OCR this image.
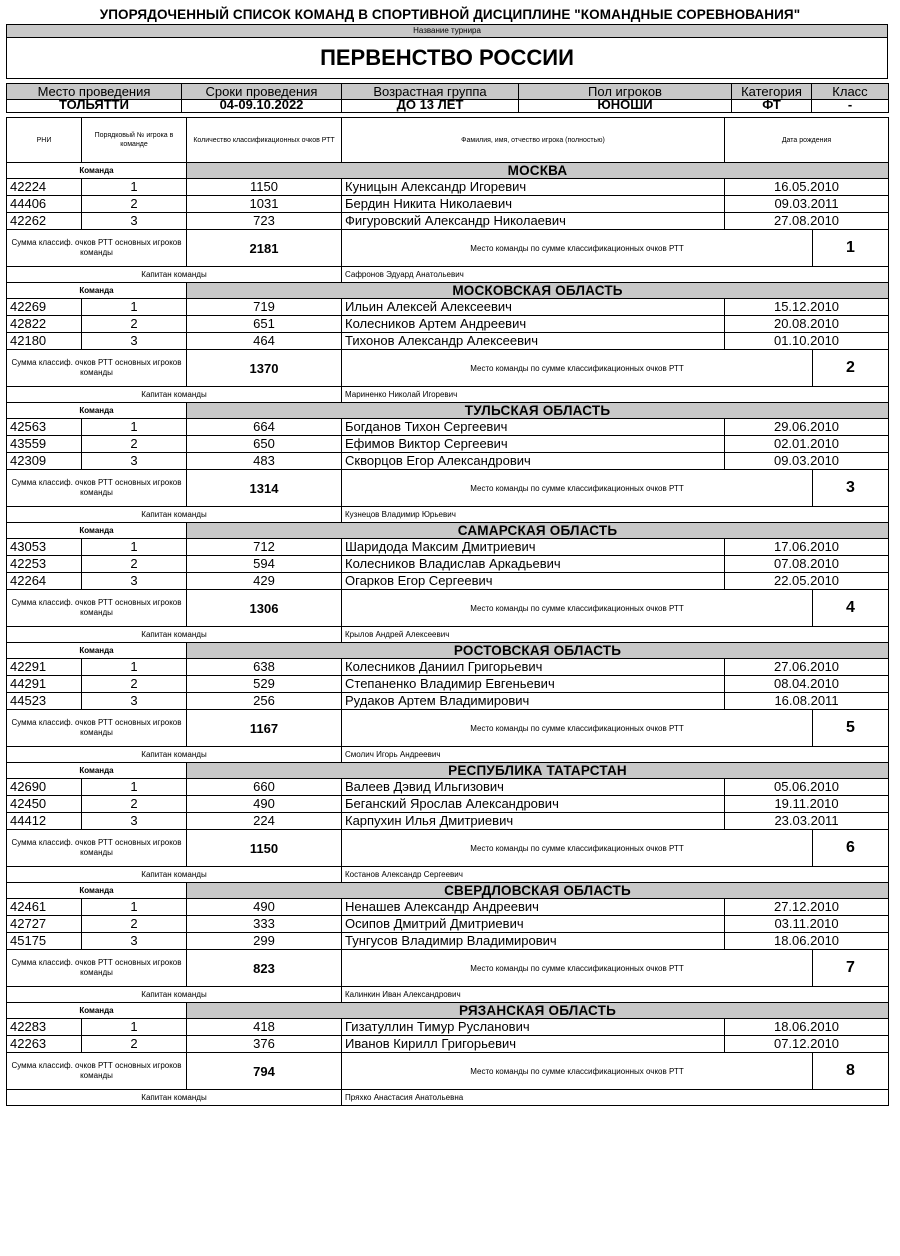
УПОРЯДОЧЕННЫЙ СПИСОК КОМАНД В СПОРТИВНОЙ ДИСЦИПЛИНЕ "КОМАНДНЫЕ СОРЕВНОВАНИЯ"
Название турнира
ПЕРВЕНСТВО РОССИИ
Место проведения	Сроки проведения	Возрастная группа	Пол игроков	Категория	Класс
ТОЛЬЯТТИ	04-09.10.2022	ДО 13 ЛЕТ	ЮНОШИ	ФТ	-
РНИ	Порядковый № игрока в команде	Количество классификационных очков РТТ	Фамилия, имя, отчество игрока (полностью)	Дата рождения	
Команда		МОСКВА			
42224	1	1150	Куницын Александр Игоревич	16.05.2010	
44406	2	1031	Бердин Никита Николаевич	09.03.2011	
42262	3	723	Фигуровский Александр Николаевич	27.08.2010	
Сумма классиф. очков РТТ основных игроков команды		2181	Место команды по сумме классификационных очков РТТ		1
Капитан команды			Сафронов Эдуард Анатольевич		
Команда		МОСКОВСКАЯ ОБЛАСТЬ			
42269	1	719	Ильин Алексей Алексеевич	15.12.2010	
42822	2	651	Колесников Артем Андреевич	20.08.2010	
42180	3	464	Тихонов Александр Алексеевич	01.10.2010	
Сумма классиф. очков РТТ основных игроков команды		1370	Место команды по сумме классификационных очков РТТ		2
Капитан команды			Мариненко Николай Игоревич		
Команда		ТУЛЬСКАЯ ОБЛАСТЬ			
42563	1	664	Богданов Тихон Сергеевич	29.06.2010	
43559	2	650	Ефимов Виктор Сергеевич	02.01.2010	
42309	3	483	Скворцов Егор Александрович	09.03.2010	
Сумма классиф. очков РТТ основных игроков команды		1314	Место команды по сумме классификационных очков РТТ		3
Капитан команды			Кузнецов Владимир Юрьевич		
Команда		САМАРСКАЯ ОБЛАСТЬ			
43053	1	712	Шаридода Максим Дмитриевич	17.06.2010	
42253	2	594	Колесников Владислав Аркадьевич	07.08.2010	
42264	3	429	Огарков Егор Сергеевич	22.05.2010	
Сумма классиф. очков РТТ основных игроков команды		1306	Место команды по сумме классификационных очков РТТ		4
Капитан команды			Крылов Андрей Алексеевич		
Команда		РОСТОВСКАЯ ОБЛАСТЬ			
42291	1	638	Колесников Даниил Григорьевич	27.06.2010	
44291	2	529	Степаненко Владимир Евгеньевич	08.04.2010	
44523	3	256	Рудаков Артем Владимирович	16.08.2011	
Сумма классиф. очков РТТ основных игроков команды		1167	Место команды по сумме классификационных очков РТТ		5
Капитан команды			Смолич Игорь Андреевич		
Команда		РЕСПУБЛИКА ТАТАРСТАН			
42690	1	660	Валеев Дэвид Ильгизович	05.06.2010	
42450	2	490	Беганский Ярослав Александрович	19.11.2010	
44412	3	224	Карпухин Илья Дмитриевич	23.03.2011	
Сумма классиф. очков РТТ основных игроков команды		1150	Место команды по сумме классификационных очков РТТ		6
Капитан команды			Костанов Александр Сергеевич		
Команда		СВЕРДЛОВСКАЯ ОБЛАСТЬ			
42461	1	490	Ненашев Александр Андреевич	27.12.2010	
42727	2	333	Осипов Дмитрий Дмитриевич	03.11.2010	
45175	3	299	Тунгусов Владимир Владимирович	18.06.2010	
Сумма классиф. очков РТТ основных игроков команды		823	Место команды по сумме классификационных очков РТТ		7
Капитан команды			Калинкин Иван Александрович		
Команда		РЯЗАНСКАЯ ОБЛАСТЬ			
42283	1	418	Гизатуллин Тимур Русланович	18.06.2010	
42263	2	376	Иванов Кирилл Григорьевич	07.12.2010	
Сумма классиф. очков РТТ основных игроков команды		794	Место команды по сумме классификационных очков РТТ		8
Капитан команды			Пряхко Анастасия Анатольевна		
